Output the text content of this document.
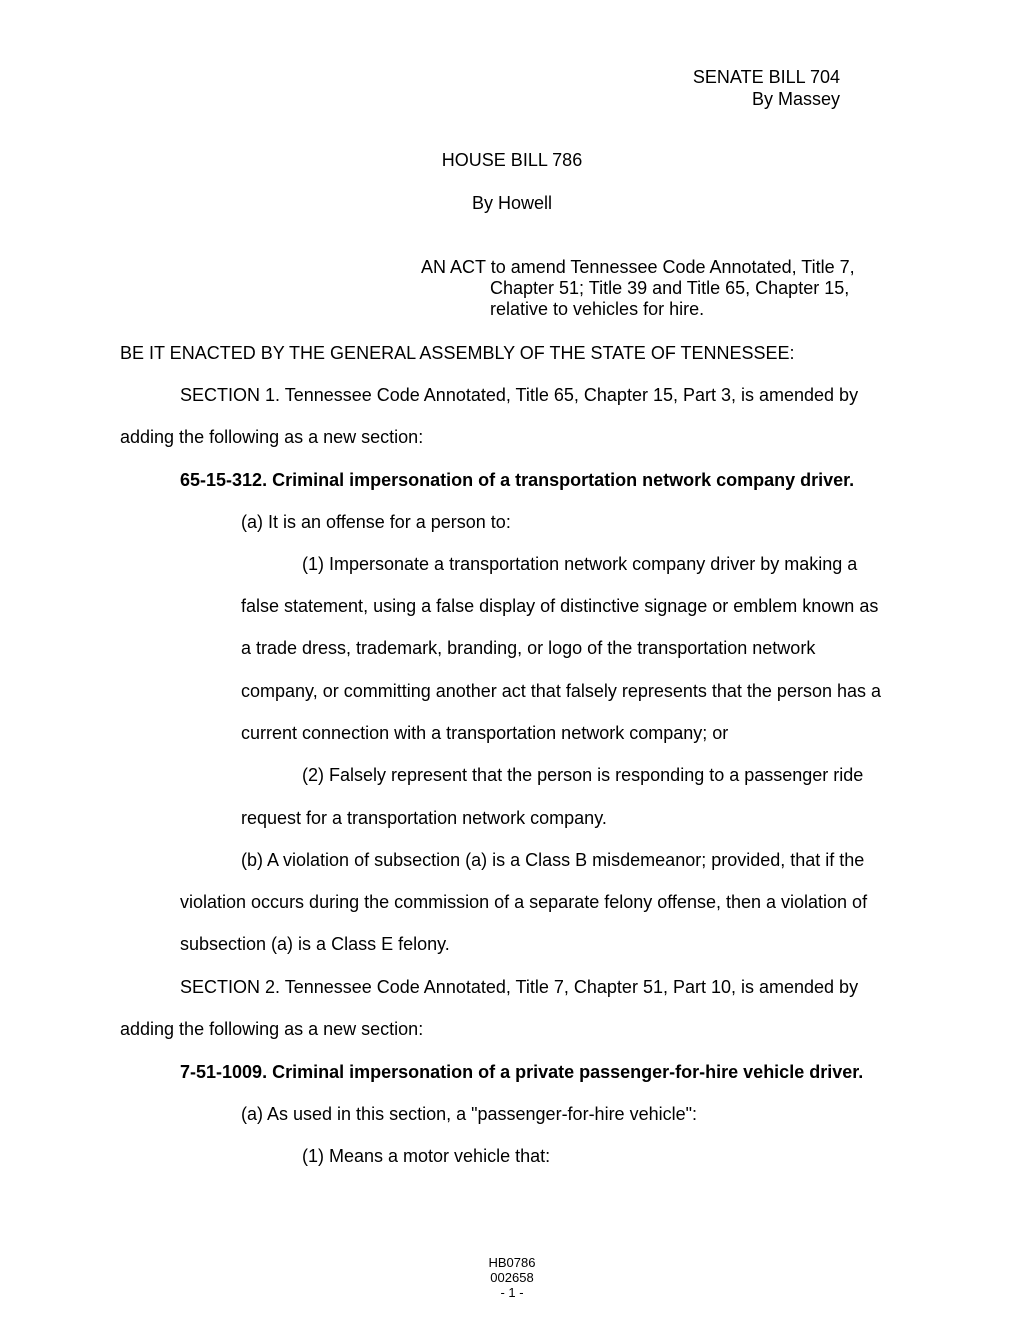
SENATE BILL 704
By Massey
HOUSE BILL 786
By Howell
AN ACT to amend Tennessee Code Annotated, Title 7,
Chapter 51; Title 39 and Title 65, Chapter 15,
relative to vehicles for hire.
BE IT ENACTED BY THE GENERAL ASSEMBLY OF THE STATE OF TENNESSEE:
SECTION 1. Tennessee Code Annotated, Title 65, Chapter 15, Part 3, is amended by
adding the following as a new section:
65-15-312. Criminal impersonation of a transportation network company driver.
(a) It is an offense for a person to:
(1) Impersonate a transportation network company driver by making a
false statement, using a false display of distinctive signage or emblem known as
a trade dress, trademark, branding, or logo of the transportation network
company, or committing another act that falsely represents that the person has a
current connection with a transportation network company; or
(2) Falsely represent that the person is responding to a passenger ride
request for a transportation network company.
(b) A violation of subsection (a) is a Class B misdemeanor; provided, that if the
violation occurs during the commission of a separate felony offense, then a violation of
subsection (a) is a Class E felony.
SECTION 2. Tennessee Code Annotated, Title 7, Chapter 51, Part 10, is amended by
adding the following as a new section:
7-51-1009. Criminal impersonation of a private passenger-for-hire vehicle driver.
(a) As used in this section, a "passenger-for-hire vehicle":
(1) Means a motor vehicle that:
HB0786
002658
- 1 -
